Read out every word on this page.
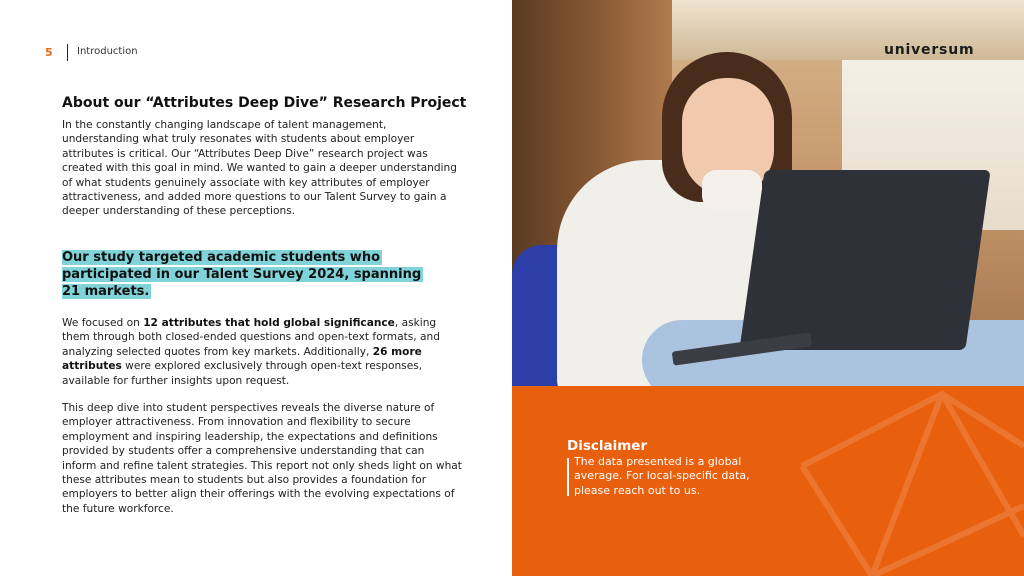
5 Introduction
About our “Attributes Deep Dive” Research Project

In the constantly changing landscape of talent management, understanding what truly resonates with students about employer attributes is critical. Our “Attributes Deep Dive” research project was created with this goal in mind. We wanted to gain a deeper understanding of what students genuinely associate with key attributes of employer attractiveness, and added more questions to our Talent Survey to gain a deeper understanding of these perceptions.

Our study targeted academic students who participated in our Talent Survey 2024, spanning 21 markets.

We focused on 12 attributes that hold global significance, asking them through both closed-ended questions and open-text formats, and analyzing selected quotes from key markets. Additionally, 26 more attributes were explored exclusively through open-text responses, available for further insights upon request.

This deep dive into student perspectives reveals the diverse nature of employer attractiveness. From innovation and flexibility to secure employment and inspiring leadership, the expectations and definitions provided by students offer a comprehensive understanding that can inform and refine talent strategies. This report not only sheds light on what these attributes mean to students but also provides a foundation for employers to better align their offerings with the evolving expectations of the future workforce.

universum
Disclaimer

The data presented is a global average. For local-specific data, please reach out to us.
